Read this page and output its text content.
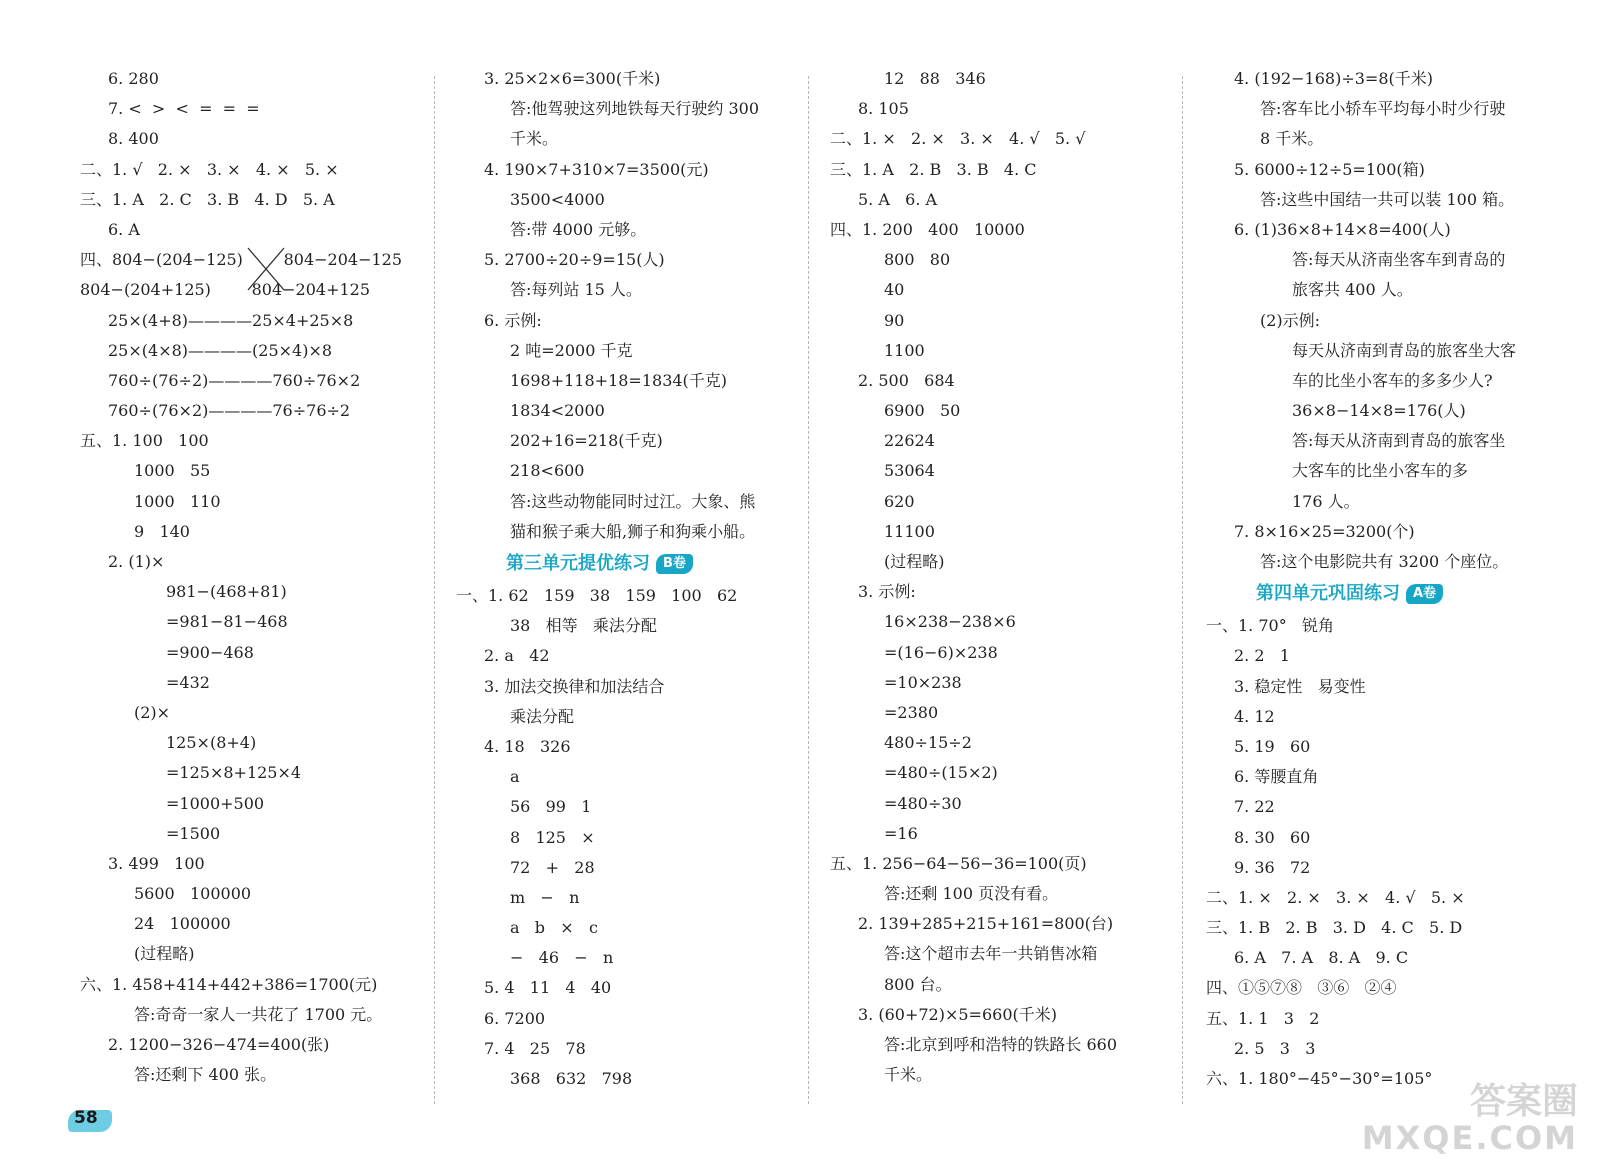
6. 280
7. <  >  <  =  =  =
8. 400
二、1. √   2. ×   3. ×   4. ×   5. ×
三、1. A   2. C   3. B   4. D   5. A
6. A
四、804−(204−125)        804−204−125
804−(204+125)        804−204+125
25×(4+8)————25×4+25×8
25×(4×8)————(25×4)×8
760÷(76÷2)————760÷76×2
760÷(76×2)————76÷76÷2
五、1. 100   100
1000   55
1000   110
9   140
2. (1)×
981−(468+81)
=981−81−468
=900−468
=432
(2)×
125×(8+4)
=125×8+125×4
=1000+500
=1500
3. 499   100
5600   100000
24   100000
(过程略)
六、1. 458+414+442+386=1700(元)
答:奇奇一家人一共花了 1700 元。
2. 1200−326−474=400(张)
答:还剩下 400 张。
3. 25×2×6=300(千米)
答:他驾驶这列地铁每天行驶约 300
千米。
4. 190×7+310×7=3500(元)
3500<4000
答:带 4000 元够。
5. 2700÷20÷9=15(人)
答:每列站 15 人。
6. 示例:
2 吨=2000 千克
1698+118+18=1834(千克)
1834<2000
202+16=218(千克)
218<600
答:这些动物能同时过江。大象、熊
猫和猴子乘大船,狮子和狗乘小船。
第三单元提优练习 B卷
一、1. 62   159   38   159   100   62
38   相等   乘法分配
2. a   42
3. 加法交换律和加法结合
乘法分配
4. 18   326
a
56   99   1
8   125   ×
72   +   28
m   −   n
a   b   ×   c
−   46   −   n
5. 4   11   4   40
6. 7200
7. 4   25   78
368   632   798
12   88   346
8. 105
二、1. ×   2. ×   3. ×   4. √   5. √
三、1. A   2. B   3. B   4. C
5. A   6. A
四、1. 200   400   10000
800   80
40
90
1100
2. 500   684
6900   50
22624
53064
620
11100
(过程略)
3. 示例:
16×238−238×6
=(16−6)×238
=10×238
=2380
480÷15÷2
=480÷(15×2)
=480÷30
=16
五、1. 256−64−56−36=100(页)
答:还剩 100 页没有看。
2. 139+285+215+161=800(台)
答:这个超市去年一共销售冰箱
800 台。
3. (60+72)×5=660(千米)
答:北京到呼和浩特的铁路长 660
千米。
4. (192−168)÷3=8(千米)
答:客车比小轿车平均每小时少行驶
8 千米。
5. 6000÷12÷5=100(箱)
答:这些中国结一共可以装 100 箱。
6. (1)36×8+14×8=400(人)
答:每天从济南坐客车到青岛的
旅客共 400 人。
(2)示例:
每天从济南到青岛的旅客坐大客
车的比坐小客车的多多少人?
36×8−14×8=176(人)
答:每天从济南到青岛的旅客坐
大客车的比坐小客车的多
176 人。
7. 8×16×25=3200(个)
答:这个电影院共有 3200 个座位。
第四单元巩固练习 A卷
一、1. 70°   锐角
2. 2   1
3. 稳定性   易变性
4. 12
5. 19   60
6. 等腰直角
7. 22
8. 30   60
9. 36   72
二、1. ×   2. ×   3. ×   4. √   5. ×
三、1. B   2. B   3. D   4. C   5. D
6. A   7. A   8. A   9. C
四、①⑤⑦⑧   ③⑥   ②④
五、1. 1   3   2
2. 5   3   3
六、1. 180°−45°−30°=105°
58	答案圈
MXQE.COM
